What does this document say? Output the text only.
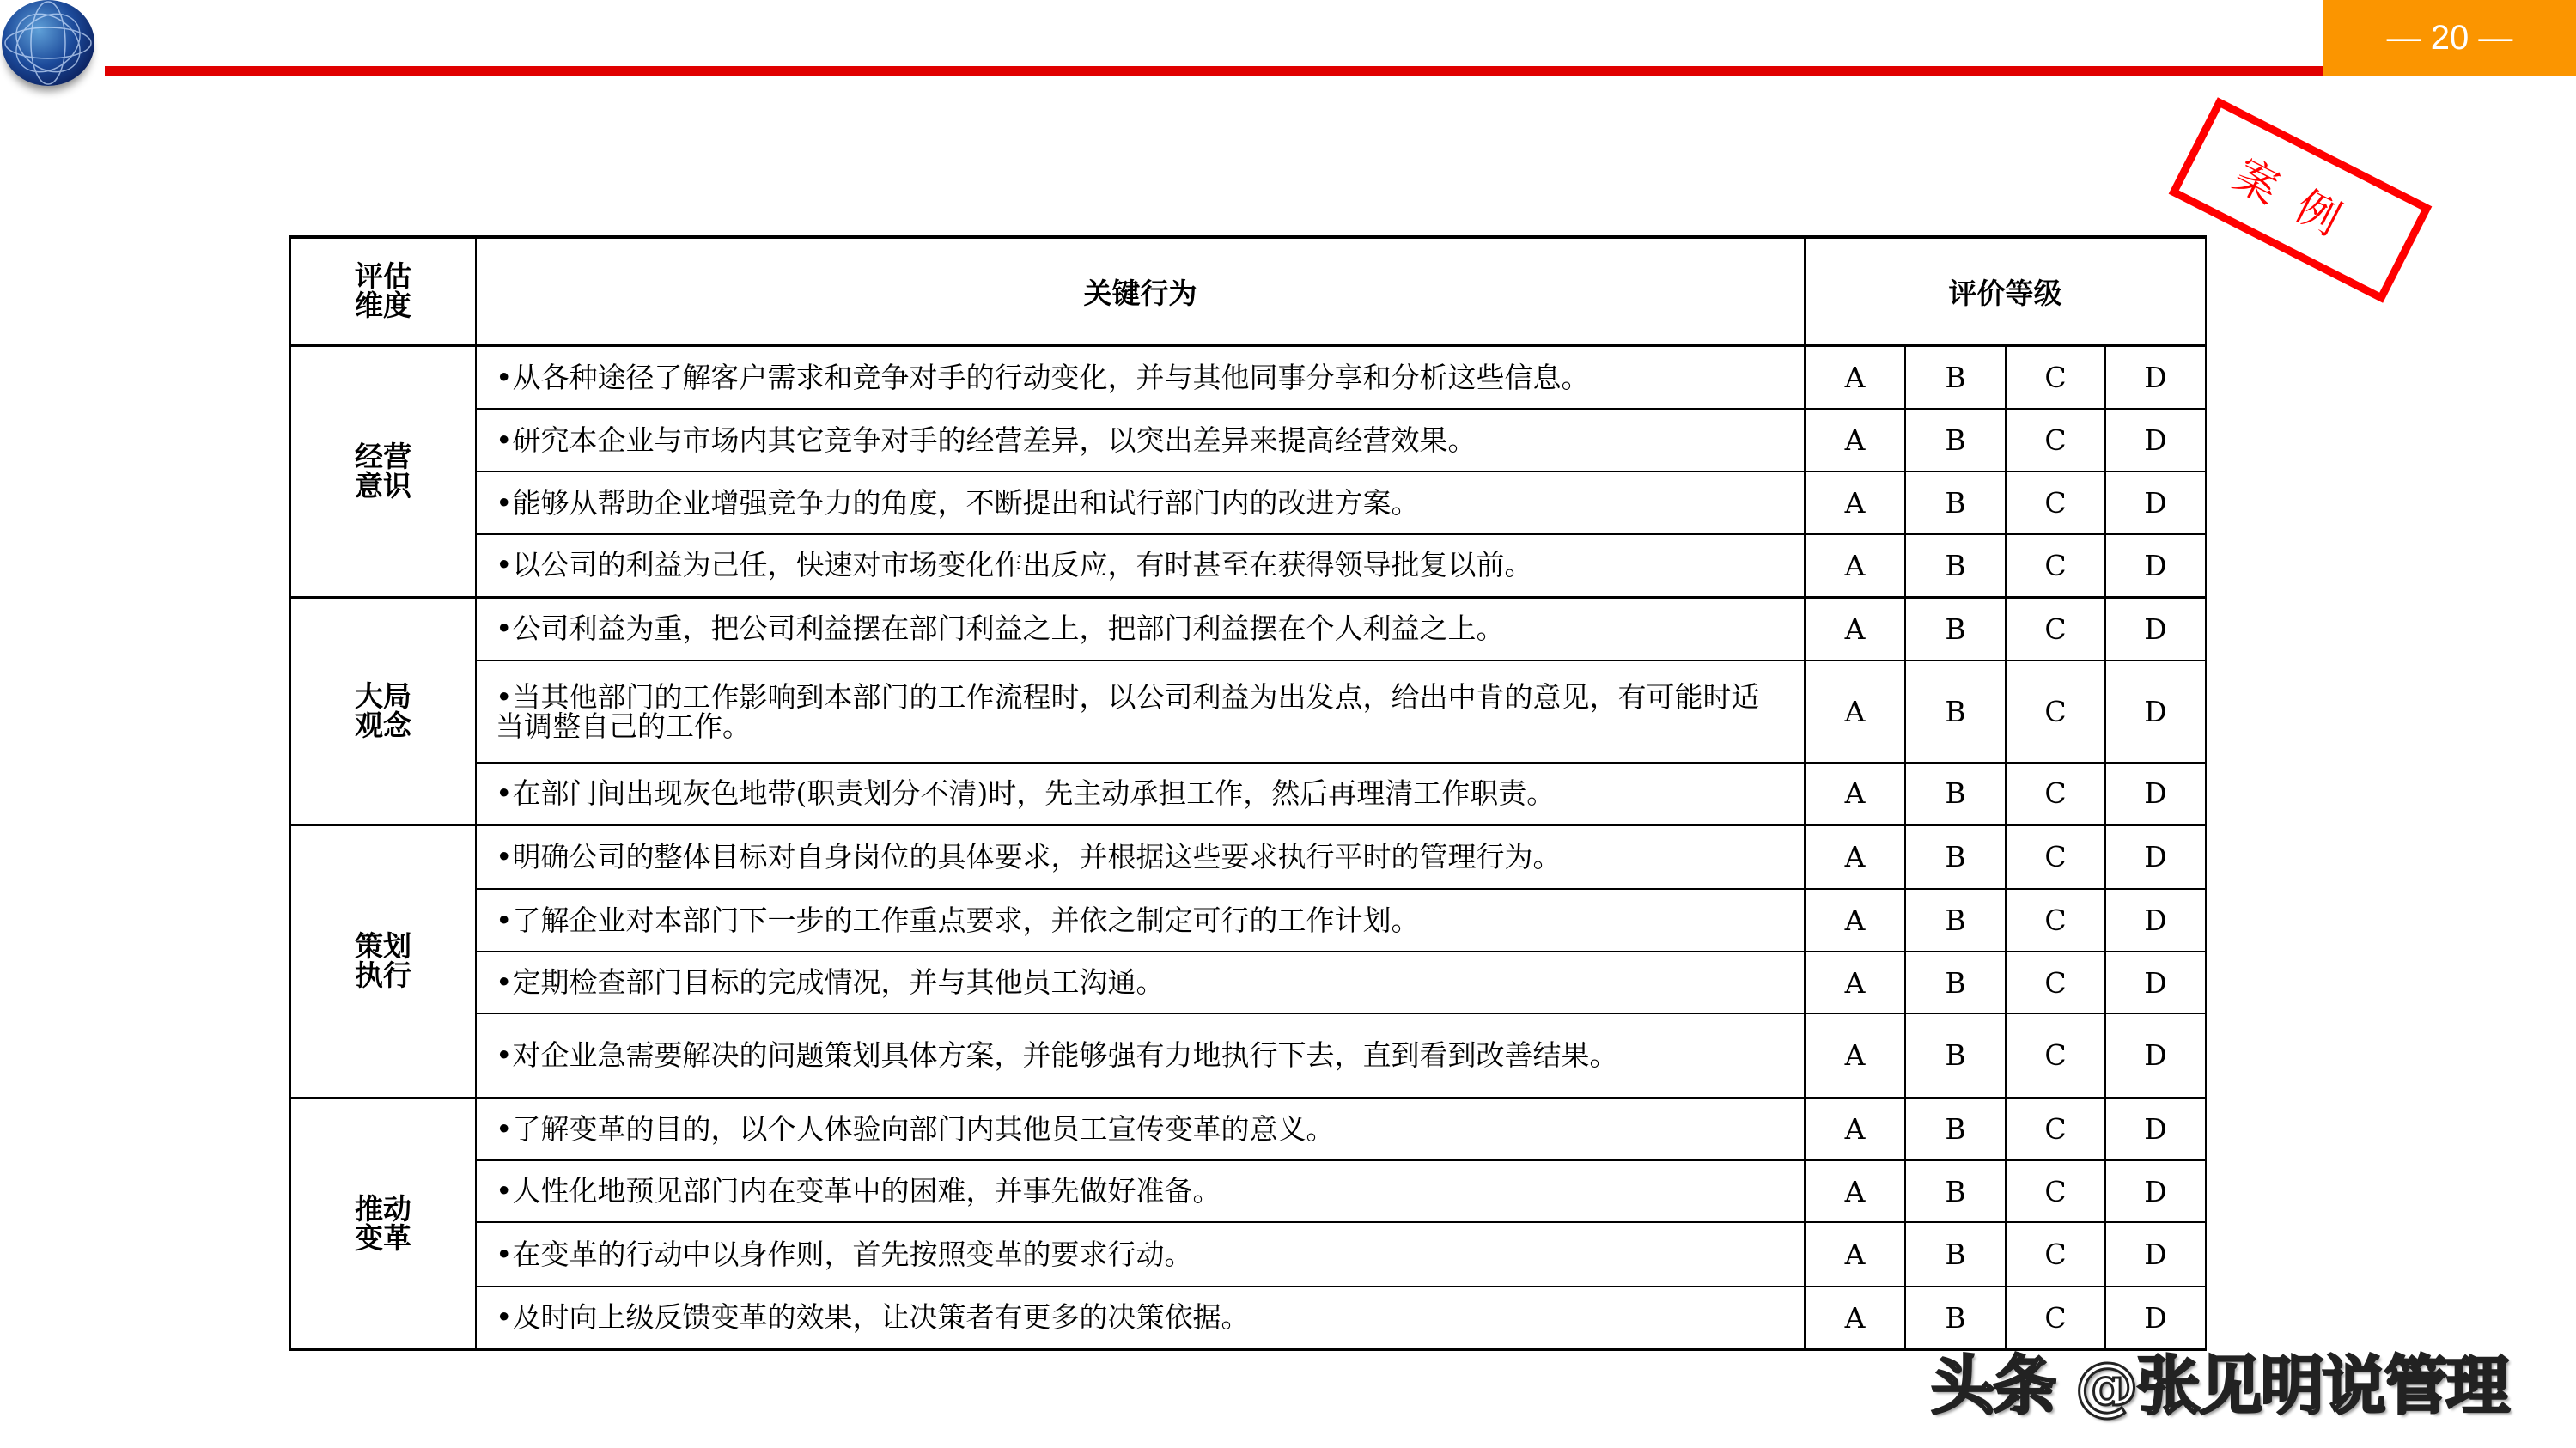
— 20 —
案例
评估维度	关键行为	评价等级			
经营意识	•从各种途径了解客户需求和竞争对手的行动变化，并与其他同事分享和分析这些信息。	A	B	C	D
	•研究本企业与市场内其它竞争对手的经营差异，以突出差异来提高经营效果。	A	B	C	D
	•能够从帮助企业增强竞争力的角度，不断提出和试行部门内的改进方案。	A	B	C	D
	•以公司的利益为己任，快速对市场变化作出反应，有时甚至在获得领导批复以前。	A	B	C	D
大局观念	•公司利益为重，把公司利益摆在部门利益之上，把部门利益摆在个人利益之上。	A	B	C	D
	•当其他部门的工作影响到本部门的工作流程时，以公司利益为出发点，给出中肯的意见，有可能时适当调整自己的工作。	A	B	C	D
	•在部门间出现灰色地带(职责划分不清)时，先主动承担工作，然后再理清工作职责。	A	B	C	D
策划执行	•明确公司的整体目标对自身岗位的具体要求，并根据这些要求执行平时的管理行为。	A	B	C	D
	•了解企业对本部门下一步的工作重点要求，并依之制定可行的工作计划。	A	B	C	D
	•定期检查部门目标的完成情况，并与其他员工沟通。	A	B	C	D
	•对企业急需要解决的问题策划具体方案，并能够强有力地执行下去，直到看到改善结果。	A	B	C	D
推动变革	•了解变革的目的，以个人体验向部门内其他员工宣传变革的意义。	A	B	C	D
	•人性化地预见部门内在变革中的困难，并事先做好准备。	A	B	C	D
	•在变革的行动中以身作则，首先按照变革的要求行动。	A	B	C	D
	•及时向上级反馈变革的效果，让决策者有更多的决策依据。	A	B	C	D
头条 @张见明说管理
